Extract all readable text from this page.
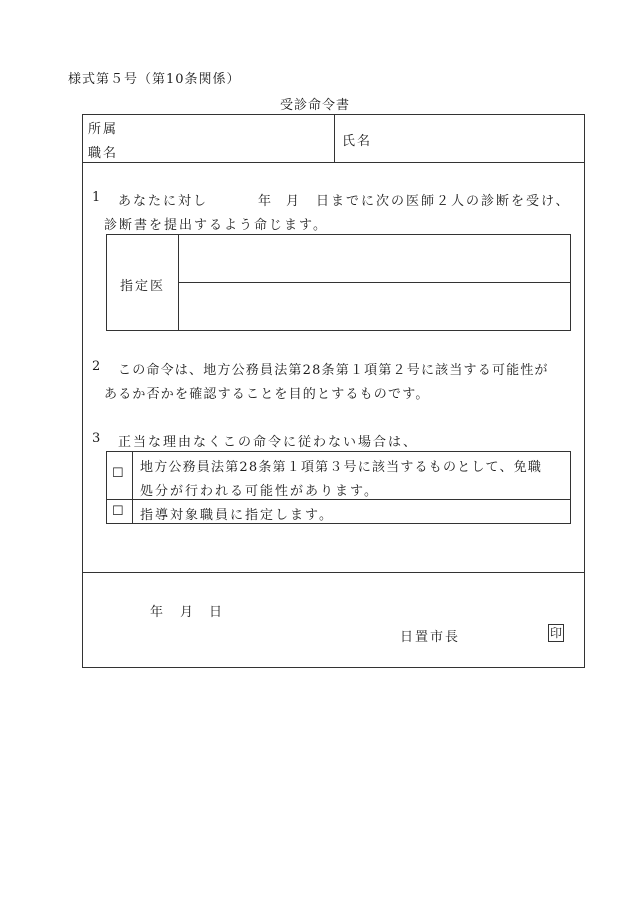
様式第５号（第10条関係）
受診命令書
所属
職名
氏名
1 あなたに対し	年 月 日までに次の医師２人の診断を受け、
診断書を提出するよう命じます。
指定医
2 この命令は、地方公務員法第28条第１項第２号に該当する可能性が
あるか否かを確認することを目的とするものです。
3 正当な理由なくこの命令に従わない場合は、
☐ 地方公務員法第28条第１項第３号に該当するものとして、免職
処分が行われる可能性があります。
☐ 指導対象職員に指定します。
年 月 日
日置市長	印
